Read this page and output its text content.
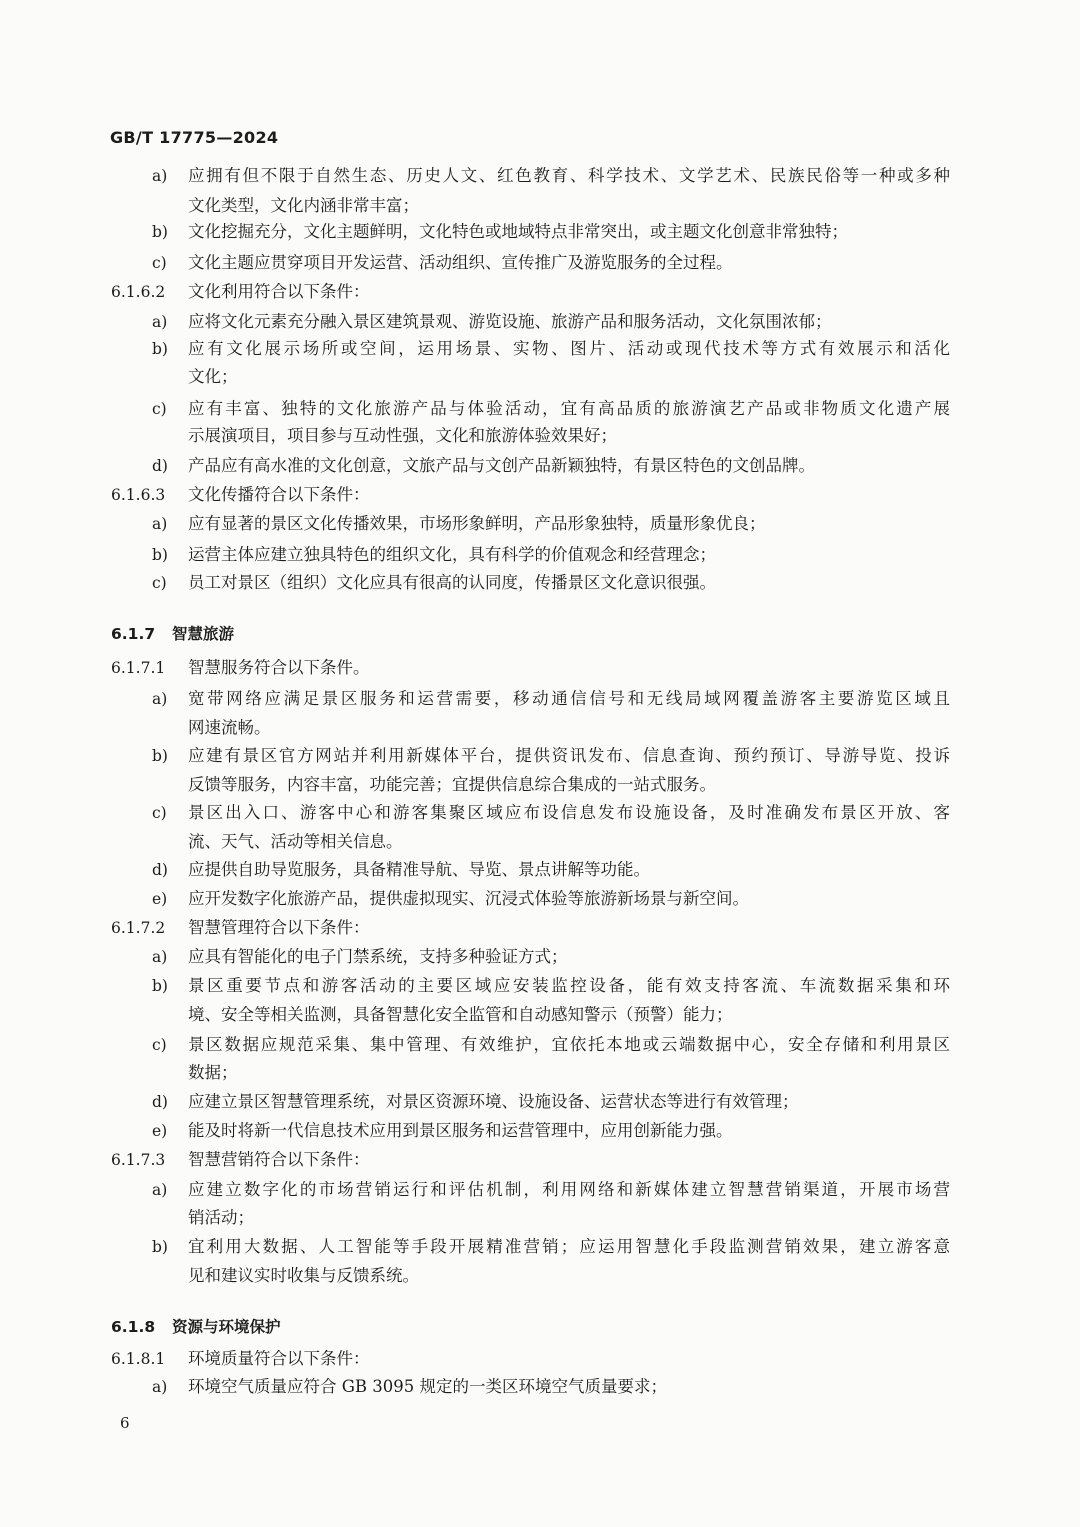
GB/T 17775—2024
a) 应拥有但不限于自然生态、历史人文、红色教育、科学技术、文学艺术、民族民俗等一种或多种
文化类型，文化内涵非常丰富；
b) 文化挖掘充分，文化主题鲜明，文化特色或地域特点非常突出，或主题文化创意非常独特；
c) 文化主题应贯穿项目开发运营、活动组织、宣传推广及游览服务的全过程。
6.1.6.2 文化利用符合以下条件：
a) 应将文化元素充分融入景区建筑景观、游览设施、旅游产品和服务活动，文化氛围浓郁；
b) 应有文化展示场所或空间，运用场景、实物、图片、活动或现代技术等方式有效展示和活化
文化；
c) 应有丰富、独特的文化旅游产品与体验活动，宜有高品质的旅游演艺产品或非物质文化遗产展
示展演项目，项目参与互动性强，文化和旅游体验效果好；
d) 产品应有高水准的文化创意，文旅产品与文创产品新颖独特，有景区特色的文创品牌。
6.1.6.3 文化传播符合以下条件：
a) 应有显著的景区文化传播效果，市场形象鲜明，产品形象独特，质量形象优良；
b) 运营主体应建立独具特色的组织文化，具有科学的价值观念和经营理念；
c) 员工对景区（组织）文化应具有很高的认同度，传播景区文化意识很强。
6.1.7 智慧旅游
6.1.7.1 智慧服务符合以下条件。
a) 宽带网络应满足景区服务和运营需要，移动通信信号和无线局域网覆盖游客主要游览区域且
网速流畅。
b) 应建有景区官方网站并利用新媒体平台，提供资讯发布、信息查询、预约预订、导游导览、投诉
反馈等服务，内容丰富，功能完善；宜提供信息综合集成的一站式服务。
c) 景区出入口、游客中心和游客集聚区域应布设信息发布设施设备，及时准确发布景区开放、客
流、天气、活动等相关信息。
d) 应提供自助导览服务，具备精准导航、导览、景点讲解等功能。
e) 应开发数字化旅游产品，提供虚拟现实、沉浸式体验等旅游新场景与新空间。
6.1.7.2 智慧管理符合以下条件：
a) 应具有智能化的电子门禁系统，支持多种验证方式；
b) 景区重要节点和游客活动的主要区域应安装监控设备，能有效支持客流、车流数据采集和环
境、安全等相关监测，具备智慧化安全监管和自动感知警示（预警）能力；
c) 景区数据应规范采集、集中管理、有效维护，宜依托本地或云端数据中心，安全存储和利用景区
数据；
d) 应建立景区智慧管理系统，对景区资源环境、设施设备、运营状态等进行有效管理；
e) 能及时将新一代信息技术应用到景区服务和运营管理中，应用创新能力强。
6.1.7.3 智慧营销符合以下条件：
a) 应建立数字化的市场营销运行和评估机制，利用网络和新媒体建立智慧营销渠道，开展市场营
销活动；
b) 宜利用大数据、人工智能等手段开展精准营销；应运用智慧化手段监测营销效果，建立游客意
见和建议实时收集与反馈系统。
6.1.8 资源与环境保护
6.1.8.1 环境质量符合以下条件：
a) 环境空气质量应符合 GB 3095 规定的一类区环境空气质量要求；
6
